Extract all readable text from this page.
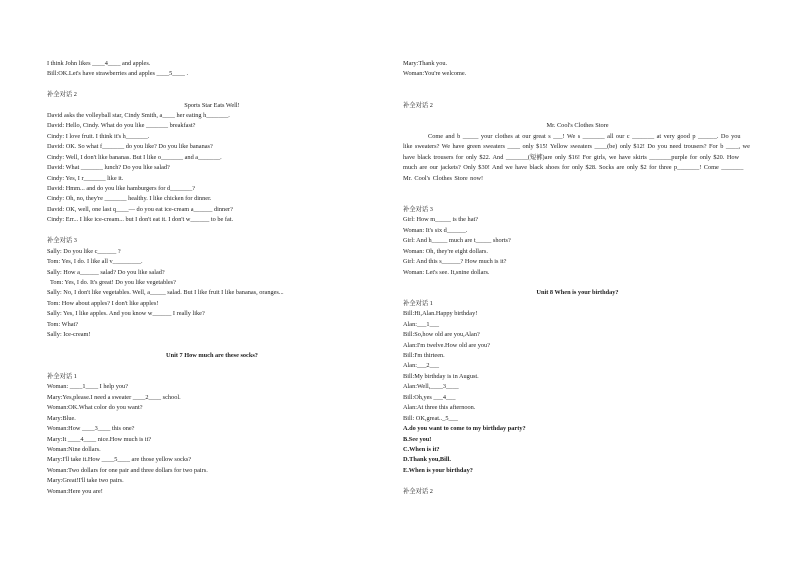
I think John likes ____4____ and apples.
Bill:OK.Let's have strawberries and apples ____5____ .
补全对话 2
Sports Star Eats Well!
David asks the volleyball star, Cindy Smith, a____ her eating h_______.
David: Hello, Cindy. What do you like _______ breakfast?
Cindy: I love fruit. I think it's h_______.
David: OK. So what f_______ do you like? Do you like bananas?
Cindy: Well, I don't like bananas. But I like o_______ and a_______.
David: What _______ lunch? Do you like salad?
Cindy: Yes, I r_______ like it.
David: Hmm... and do you like hamburgers for d_______?
Cindy: Oh, no, they're _______ healthy. I like chicken for dinner.
David: OK, well, one last q____— do you eat ice-cream a______ dinner?
Cindy: Err... I like ice-cream... but I don't eat it. I don't w______ to be fat.
补全对话 3
Sally: Do you like c______ ?
Tom: Yes, I do. I like all v_________.
Sally: How a______ salad? Do you like salad?
Tom: Yes, I do. It's great! Do you like vegetables?
Sally: No, I don't like vegetables. Well, a_____ salad. But I like fruit I like bananas, oranges...
Tom: How about apples? I don't like apples!
Sally: Yes, I like apples. And you know w______ I really like?
Tom: What?
Sally: Ice-cream!
Unit 7 How much are these socks?
补全对话 1
Woman: ____1____ I help you?
Mary:Yes,please.I need a sweater ____2____ school.
Woman:OK.What color do you want?
Mary:Blue.
Woman:How ____3____ this one?
Mary:It ____4____ nice.How much is it?
Woman:Nine dollars.
Mary:I'll take it.How ____5____ are those yellow socks?
Woman:Two dollars for one pair and three dollars for two pairs.
Mary:Great!I'll take two pairs.
Woman:Here you are!
Mary:Thank you.
Woman:You're welcome.
补全对话 2
Mr. Cool's Clothes Store
Come and b _____ your clothes at our great s ___! We s _______ all our c _______ at very good p ______. Do you like sweaters? We have green sweaters ____ only $15! Yellow sweaters ____(be) only $12! Do you need trousers? For b ____, we have black trousers for only $22. And _______(短裤)are only $16! For girls, we have skirts _______purple for only $20. How much are our jackets? Only $30! And we have black shoes for only $28. Socks are only $2 for three p_______! Come _______ Mr. Cool's Clothes Store now!
补全对话 3
Girl: How m_____ is the hat?
Woman: It's six d______.
Girl: And h_____ much are t_____ shorts?
Woman: Oh, they're eight dollars.
Girl: And this s______? How much is it?
Woman: Let's see. It,snine dollars.
Unit 8 When is your birthday?
补全对话 1
Bill:Hi,Alan.Happy birthday!
Alan:___1___
Bill:So,how old are you,Alan?
Alan:I'm twelve.How old are you?
Bill:I'm thirteen.
Alan:___2___
Bill:My birthday is in August.
Alan:Well,____3____
Bill:Oh,yes ___4___
Alan:At three this afternoon.
Bill: OK,great.._5___
A.do you want to come to my birthday party?
B.See you!
C.When is it?
D.Thank you,Bill.
E.When is your birthday?
补全对话 2
